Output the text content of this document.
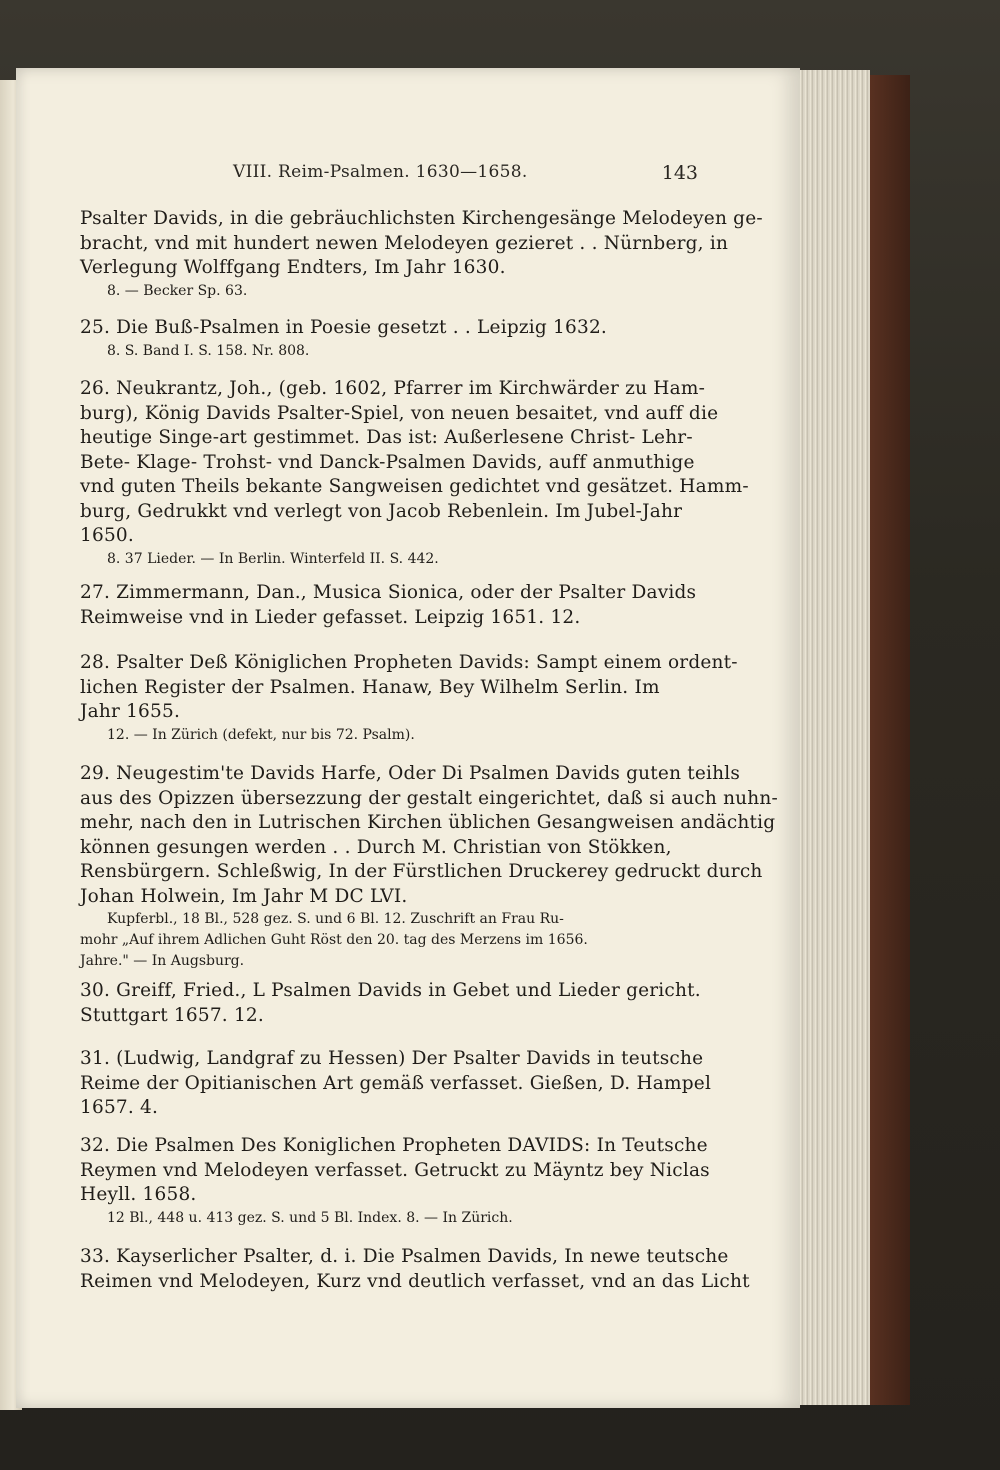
VIII. Reim-Psalmen. 1630—1658.	143
Psalter Davids, in die gebräuchlichsten Kirchengesänge Melodeyen ge-
bracht, vnd mit hundert newen Melodeyen gezieret . . Nürnberg, in
Verlegung Wolffgang Endters, Im Jahr 1630.
8. — Becker Sp. 63.
25. Die Buß-Psalmen in Poesie gesetzt . . Leipzig 1632.
8. S. Band I. S. 158. Nr. 808.
26. Neukrantz, Joh., (geb. 1602, Pfarrer im Kirchwärder zu Ham-
burg), König Davids Psalter-Spiel, von neuen besaitet, vnd auff die
heutige Singe-art gestimmet. Das ist: Außerlesene Christ- Lehr-
Bete- Klage- Trohst- vnd Danck-Psalmen Davids, auff anmuthige
vnd guten Theils bekante Sangweisen gedichtet vnd gesätzet. Hamm-
burg, Gedrukkt vnd verlegt von Jacob Rebenlein. Im Jubel-Jahr
1650.
8. 37 Lieder. — In Berlin. Winterfeld II. S. 442.
27. Zimmermann, Dan., Musica Sionica, oder der Psalter Davids
Reimweise vnd in Lieder gefasset. Leipzig 1651. 12.
28. Psalter Deß Königlichen Propheten Davids: Sampt einem ordent-
lichen Register der Psalmen. Hanaw, Bey Wilhelm Serlin. Im
Jahr 1655.
12. — In Zürich (defekt, nur bis 72. Psalm).
29. Neugestim'te Davids Harfe, Oder Di Psalmen Davids guten teihls
aus des Opizzen übersezzung der gestalt eingerichtet, daß si auch nuhn-
mehr, nach den in Lutrischen Kirchen üblichen Gesangweisen andächtig
können gesungen werden . . Durch M. Christian von Stökken,
Rensbürgern. Schleßwig, In der Fürstlichen Druckerey gedruckt durch
Johan Holwein, Im Jahr M DC LVI.
Kupferbl., 18 Bl., 528 gez. S. und 6 Bl. 12. Zuschrift an Frau Ru-
mohr „Auf ihrem Adlichen Guht Röst den 20. tag des Merzens im 1656.
Jahre." — In Augsburg.
30. Greiff, Fried., L Psalmen Davids in Gebet und Lieder gericht.
Stuttgart 1657. 12.
31. (Ludwig, Landgraf zu Hessen) Der Psalter Davids in teutsche
Reime der Opitianischen Art gemäß verfasset. Gießen, D. Hampel
1657. 4.
32. Die Psalmen Des Koniglichen Propheten DAVIDS: In Teutsche
Reymen vnd Melodeyen verfasset. Getruckt zu Mäyntz bey Niclas
Heyll. 1658.
12 Bl., 448 u. 413 gez. S. und 5 Bl. Index. 8. — In Zürich.
33. Kayserlicher Psalter, d. i. Die Psalmen Davids, In newe teutsche
Reimen vnd Melodeyen, Kurz vnd deutlich verfasset, vnd an das Licht
